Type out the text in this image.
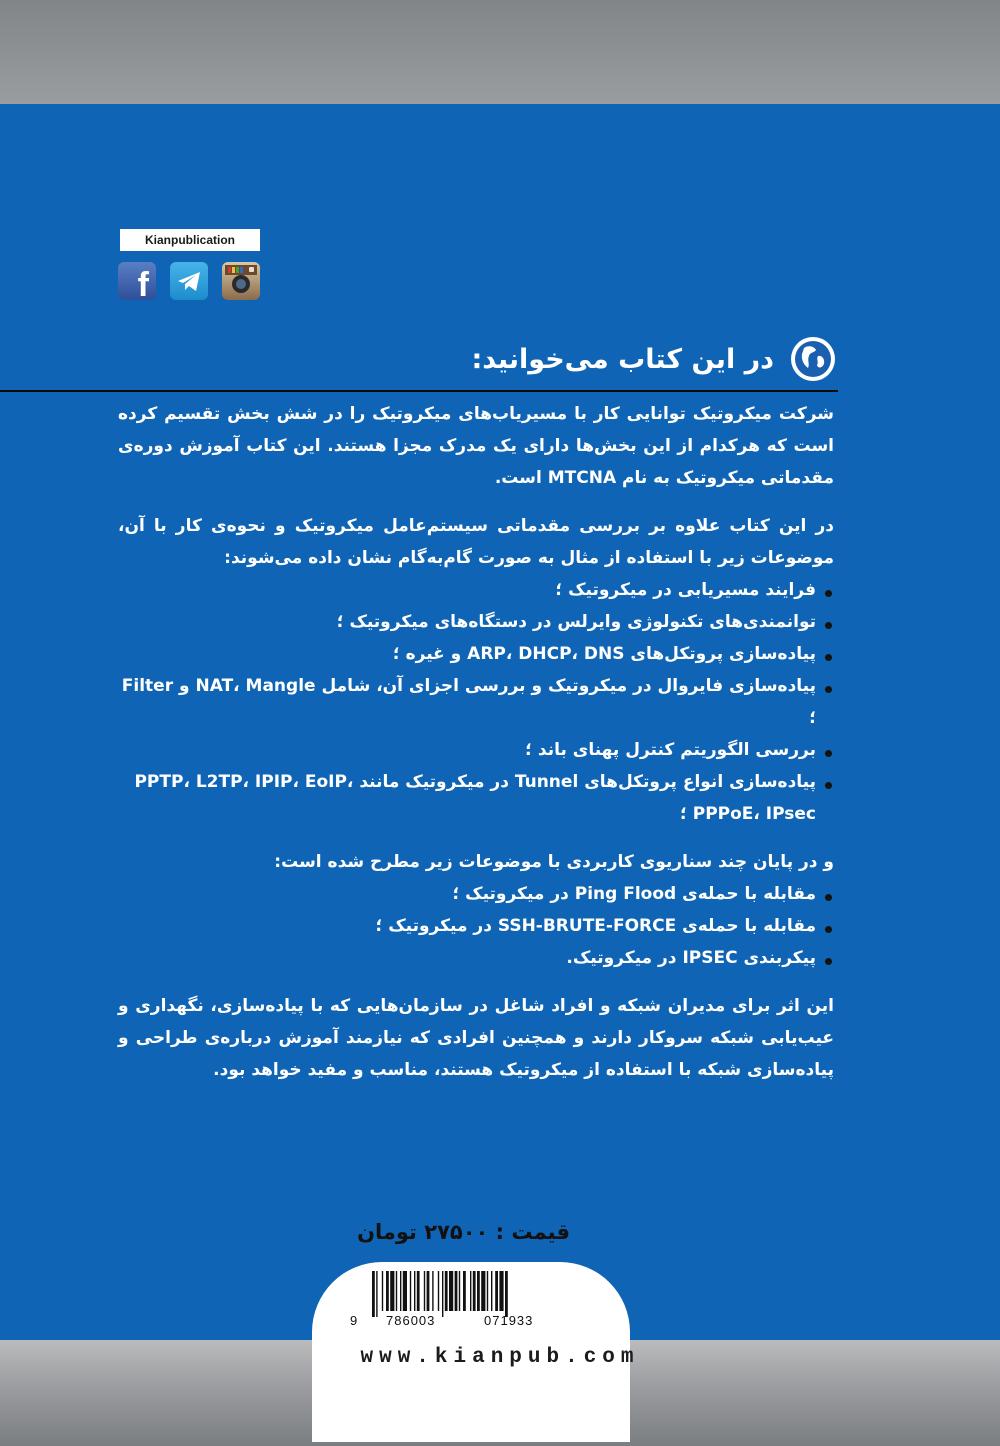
Kianpublication
f
در این کتاب می‌خوانید:

شرکت میکروتیک توانایی کار با مسیریاب‌های میکروتیک را در شش بخش تقسیم کرده است که هرکدام از این بخش‌ها دارای یک مدرک مجزا هستند. این کتاب آموزش دوره‌ی مقدماتی میکروتیک به نام MTCNA است.

در این کتاب علاوه بر بررسی مقدماتی سیستم‌عامل میکروتیک و نحوه‌ی کار با آن، موضوعات زیر با استفاده از مثال به صورت گام‌به‌گام نشان داده می‌شوند:

فرایند مسیریابی در میکروتیک ؛
توانمندی‌های تکنولوژی وایرلس در دستگاه‌های میکروتیک ؛
پیاده‌سازی پروتکل‌های ARP، DHCP، DNS و غیره ؛
پیاده‌سازی فایروال در میکروتیک و بررسی اجزای آن، شامل NAT، Mangle و Filter ؛
بررسی الگوریتم کنترل پهنای باند ؛
پیاده‌سازی انواع پروتکل‌های Tunnel در میکروتیک مانند PPTP، L2TP، IPIP، EoIP، PPPoE، IPsec ؛

و در پایان چند سناریوی کاربردی با موضوعات زیر مطرح شده است:

مقابله با حمله‌ی Ping Flood در میکروتیک ؛
مقابله با حمله‌ی SSH-BRUTE-FORCE در میکروتیک ؛
پیکربندی IPSEC در میکروتیک.

این اثر برای مدیران شبکه و افراد شاغل در سازمان‌هایی که با پیاده‌سازی، نگهداری و عیب‌یابی شبکه سروکار دارند و همچنین افرادی که نیازمند آموزش درباره‌ی طراحی و پیاده‌سازی شبکه با استفاده از میکروتیک هستند، مناسب و مفید خواهد بود.

قیمت : ۲۷۵۰۰ تومان
9 786003	071933
www.kianpub.com
